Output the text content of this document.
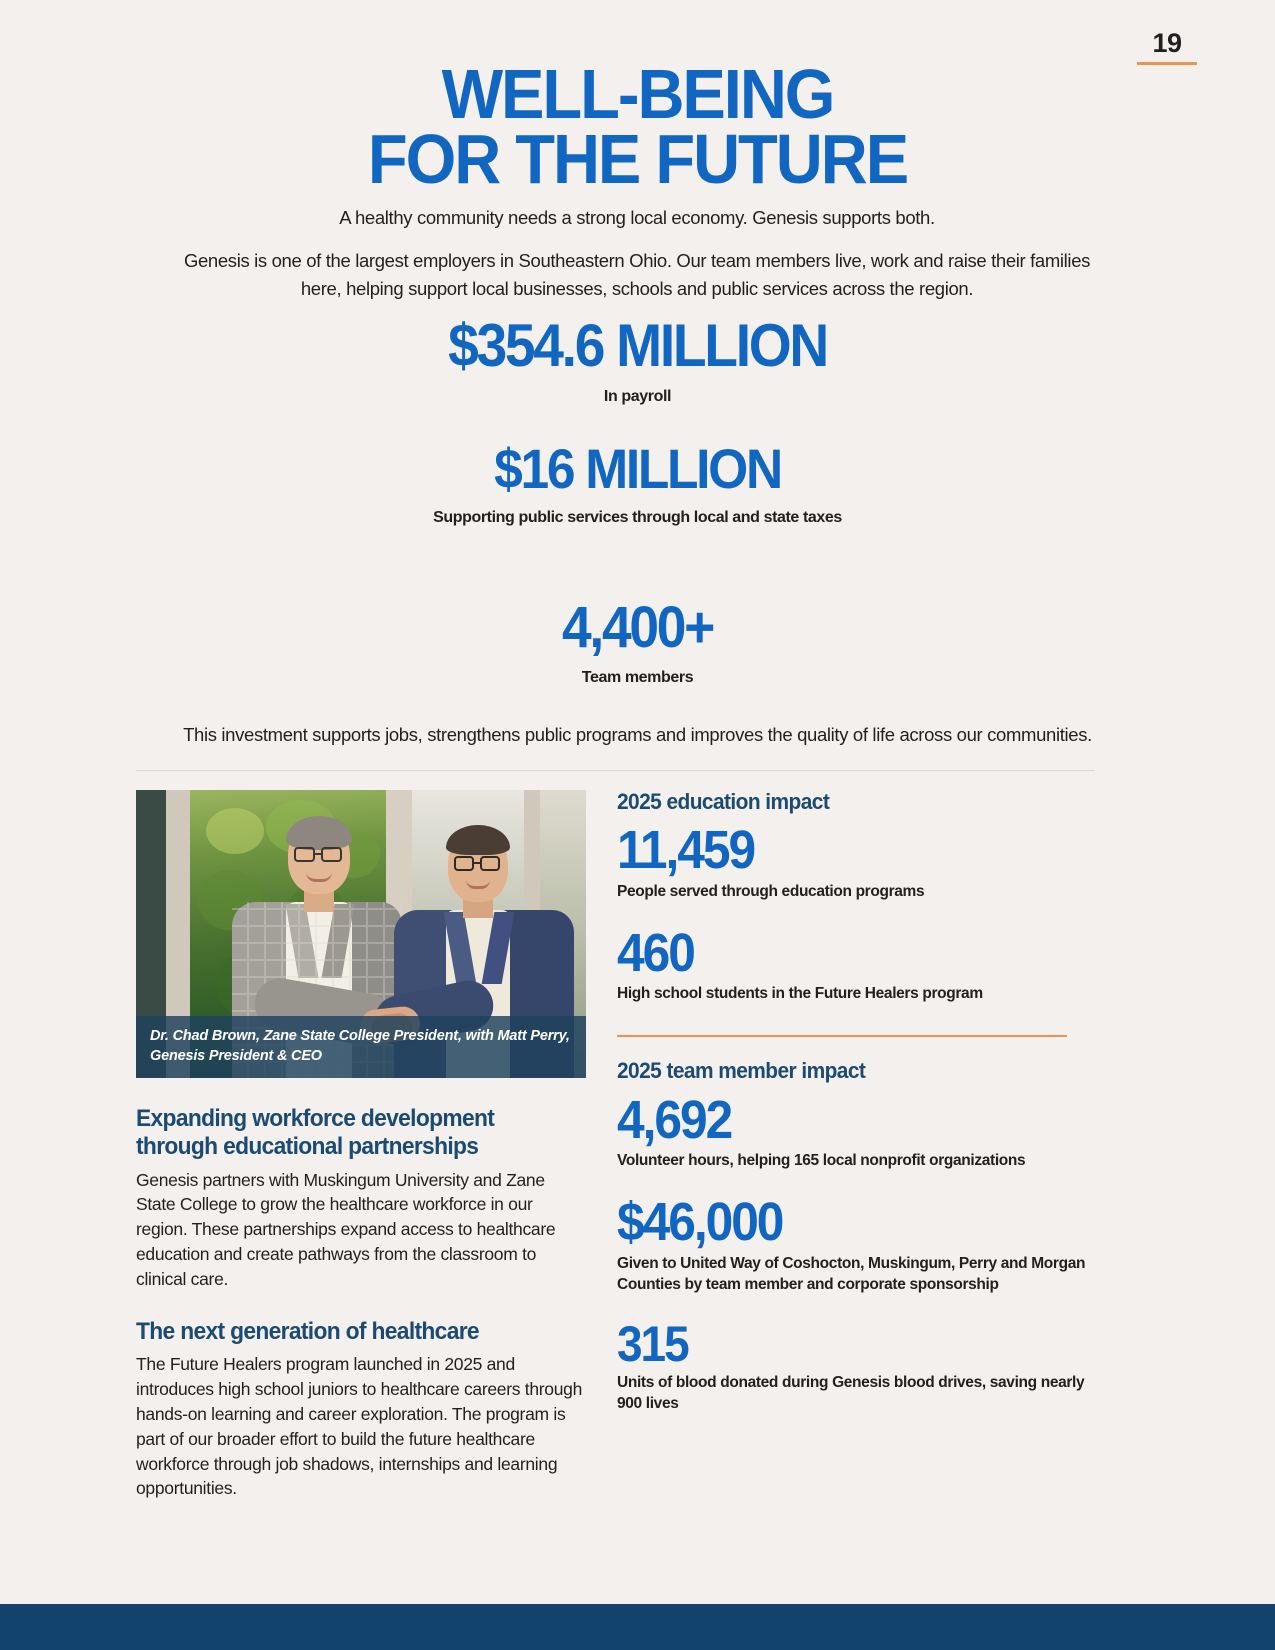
19
WELL-BEING
FOR THE FUTURE

A healthy community needs a strong local economy. Genesis supports both.

Genesis is one of the largest employers in Southeastern Ohio. Our team members live, work and raise their families here, helping support local businesses, schools and public services across the region.

$354.6 MILLION
In payroll
$16 MILLION
Supporting public services through local and state taxes
4,400+
Team members

This investment supports jobs, strengthens public programs and improves the quality of life across our communities.

Dr. Chad Brown, Zane State College President, with Matt Perry, Genesis President & CEO
Expanding workforce development through educational partnerships

Genesis partners with Muskingum University and Zane State College to grow the healthcare workforce in our region. These partnerships expand access to healthcare education and create pathways from the classroom to clinical care.

The next generation of healthcare

The Future Healers program launched in 2025 and introduces high school juniors to healthcare careers through hands-on learning and career exploration. The program is part of our broader effort to build the future healthcare workforce through job shadows, internships and learning opportunities.

2025 education impact
11,459
People served through education programs
460
High school students in the Future Healers program
2025 team member impact
4,692
Volunteer hours, helping 165 local nonprofit organizations
$46,000
Given to United Way of Coshocton, Muskingum, Perry and Morgan Counties by team member and corporate sponsorship
315
Units of blood donated during Genesis blood drives, saving nearly 900 lives
